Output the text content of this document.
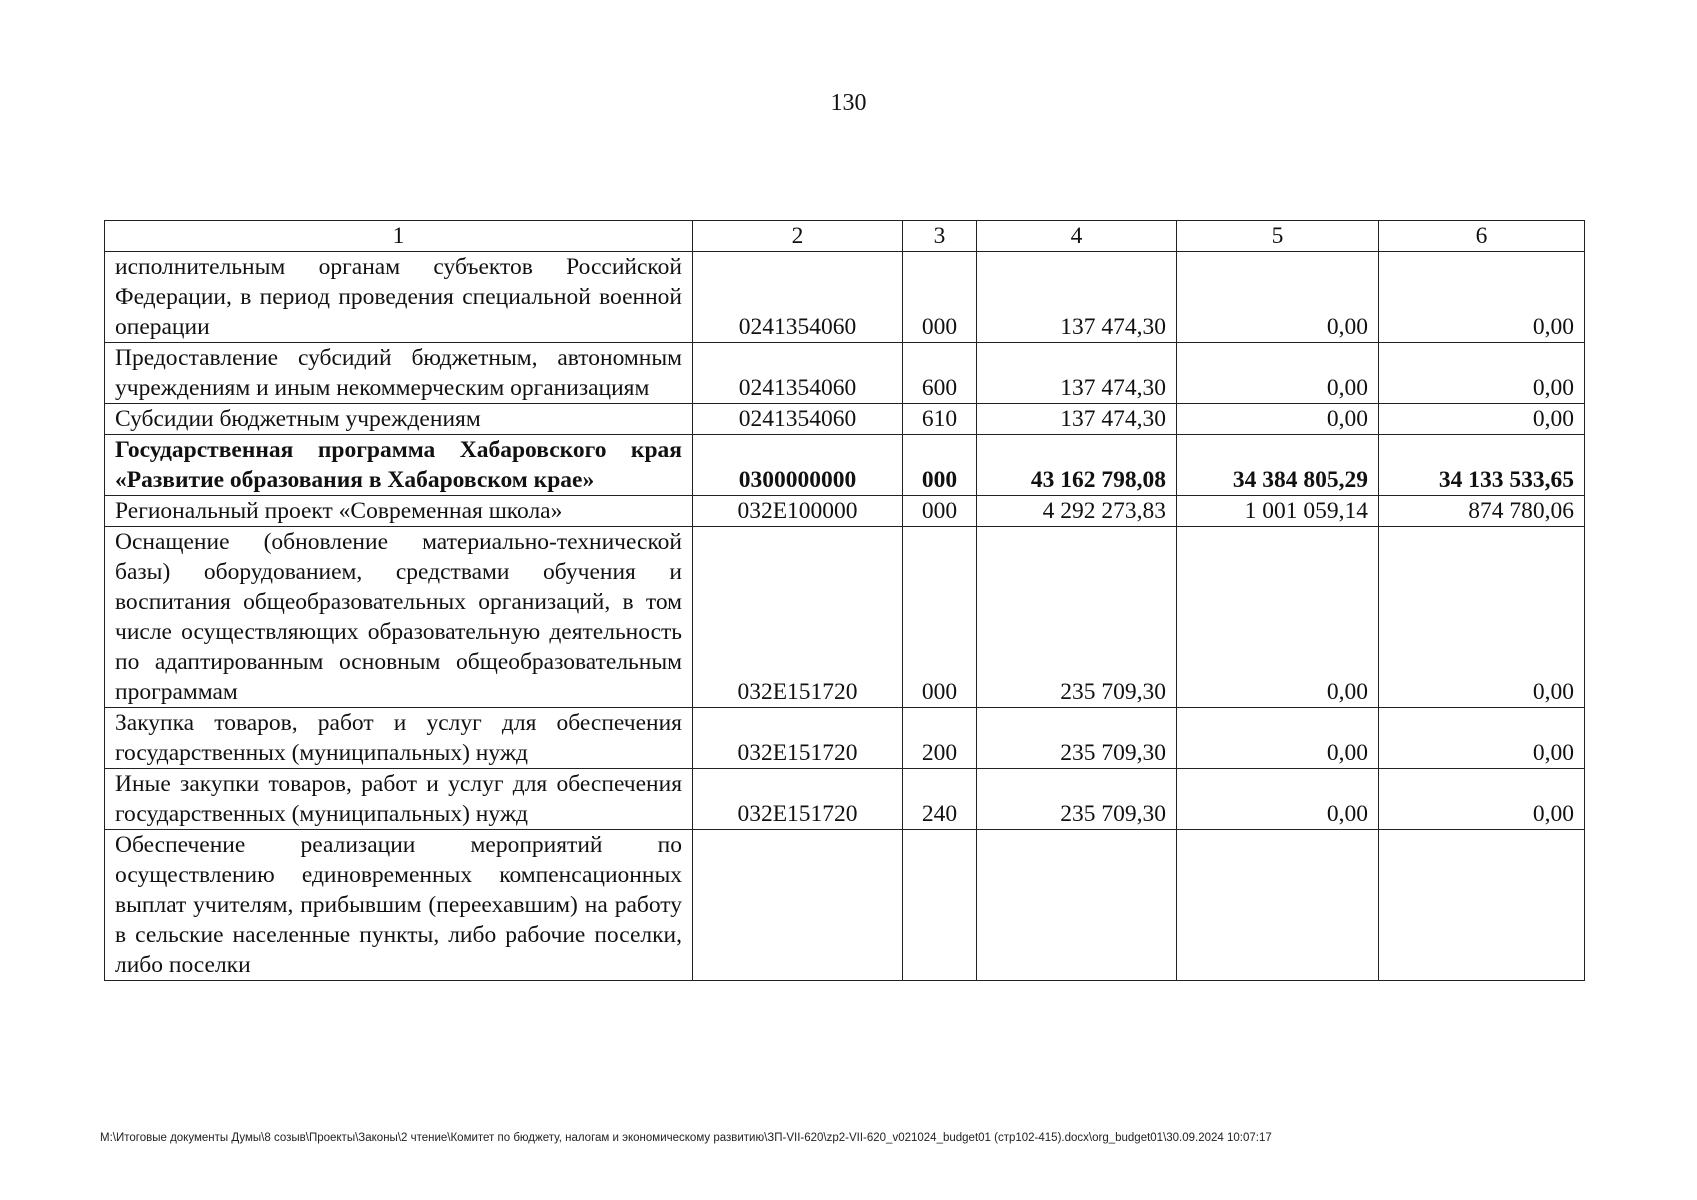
130
1	2	3	4	5	6
исполнительным органам субъектов Российской Федерации, в период проведения специальной военной операции	0241354060	000	137 474,30	0,00	0,00
Предоставление субсидий бюджетным, автономным учреждениям и иным некоммерческим организациям	0241354060	600	137 474,30	0,00	0,00
Субсидии бюджетным учреждениям	0241354060	610	137 474,30	0,00	0,00
Государственная программа Хабаровского края «Развитие образования в Хабаровском крае»	0300000000	000	43 162 798,08	34 384 805,29	34 133 533,65
Региональный проект «Современная школа»	032E100000	000	4 292 273,83	1 001 059,14	874 780,06
Оснащение (обновление материально-технической базы) оборудованием, средствами обучения и воспитания общеобразовательных организаций, в том числе осуществляющих образовательную деятельность по адаптированным основным общеобразовательным программам	032E151720	000	235 709,30	0,00	0,00
Закупка товаров, работ и услуг для обеспечения государственных (муниципальных) нужд	032E151720	200	235 709,30	0,00	0,00
Иные закупки товаров, работ и услуг для обеспечения государственных (муниципальных) нужд	032E151720	240	235 709,30	0,00	0,00
Обеспечение реализации мероприятий по осуществлению единовременных компенсационных выплат учителям, прибывшим (переехавшим) на работу в сельские населенные пункты, либо рабочие поселки, либо поселки					
M:\Итоговые документы Думы\8 созыв\Проекты\Законы\2 чтение\Комитет по бюджету, налогам и экономическому развитию\ЗП-VII-620\zp2-VII-620_v021024_budget01 (стр102-415).docx\org_budget01\30.09.2024 10:07:17
